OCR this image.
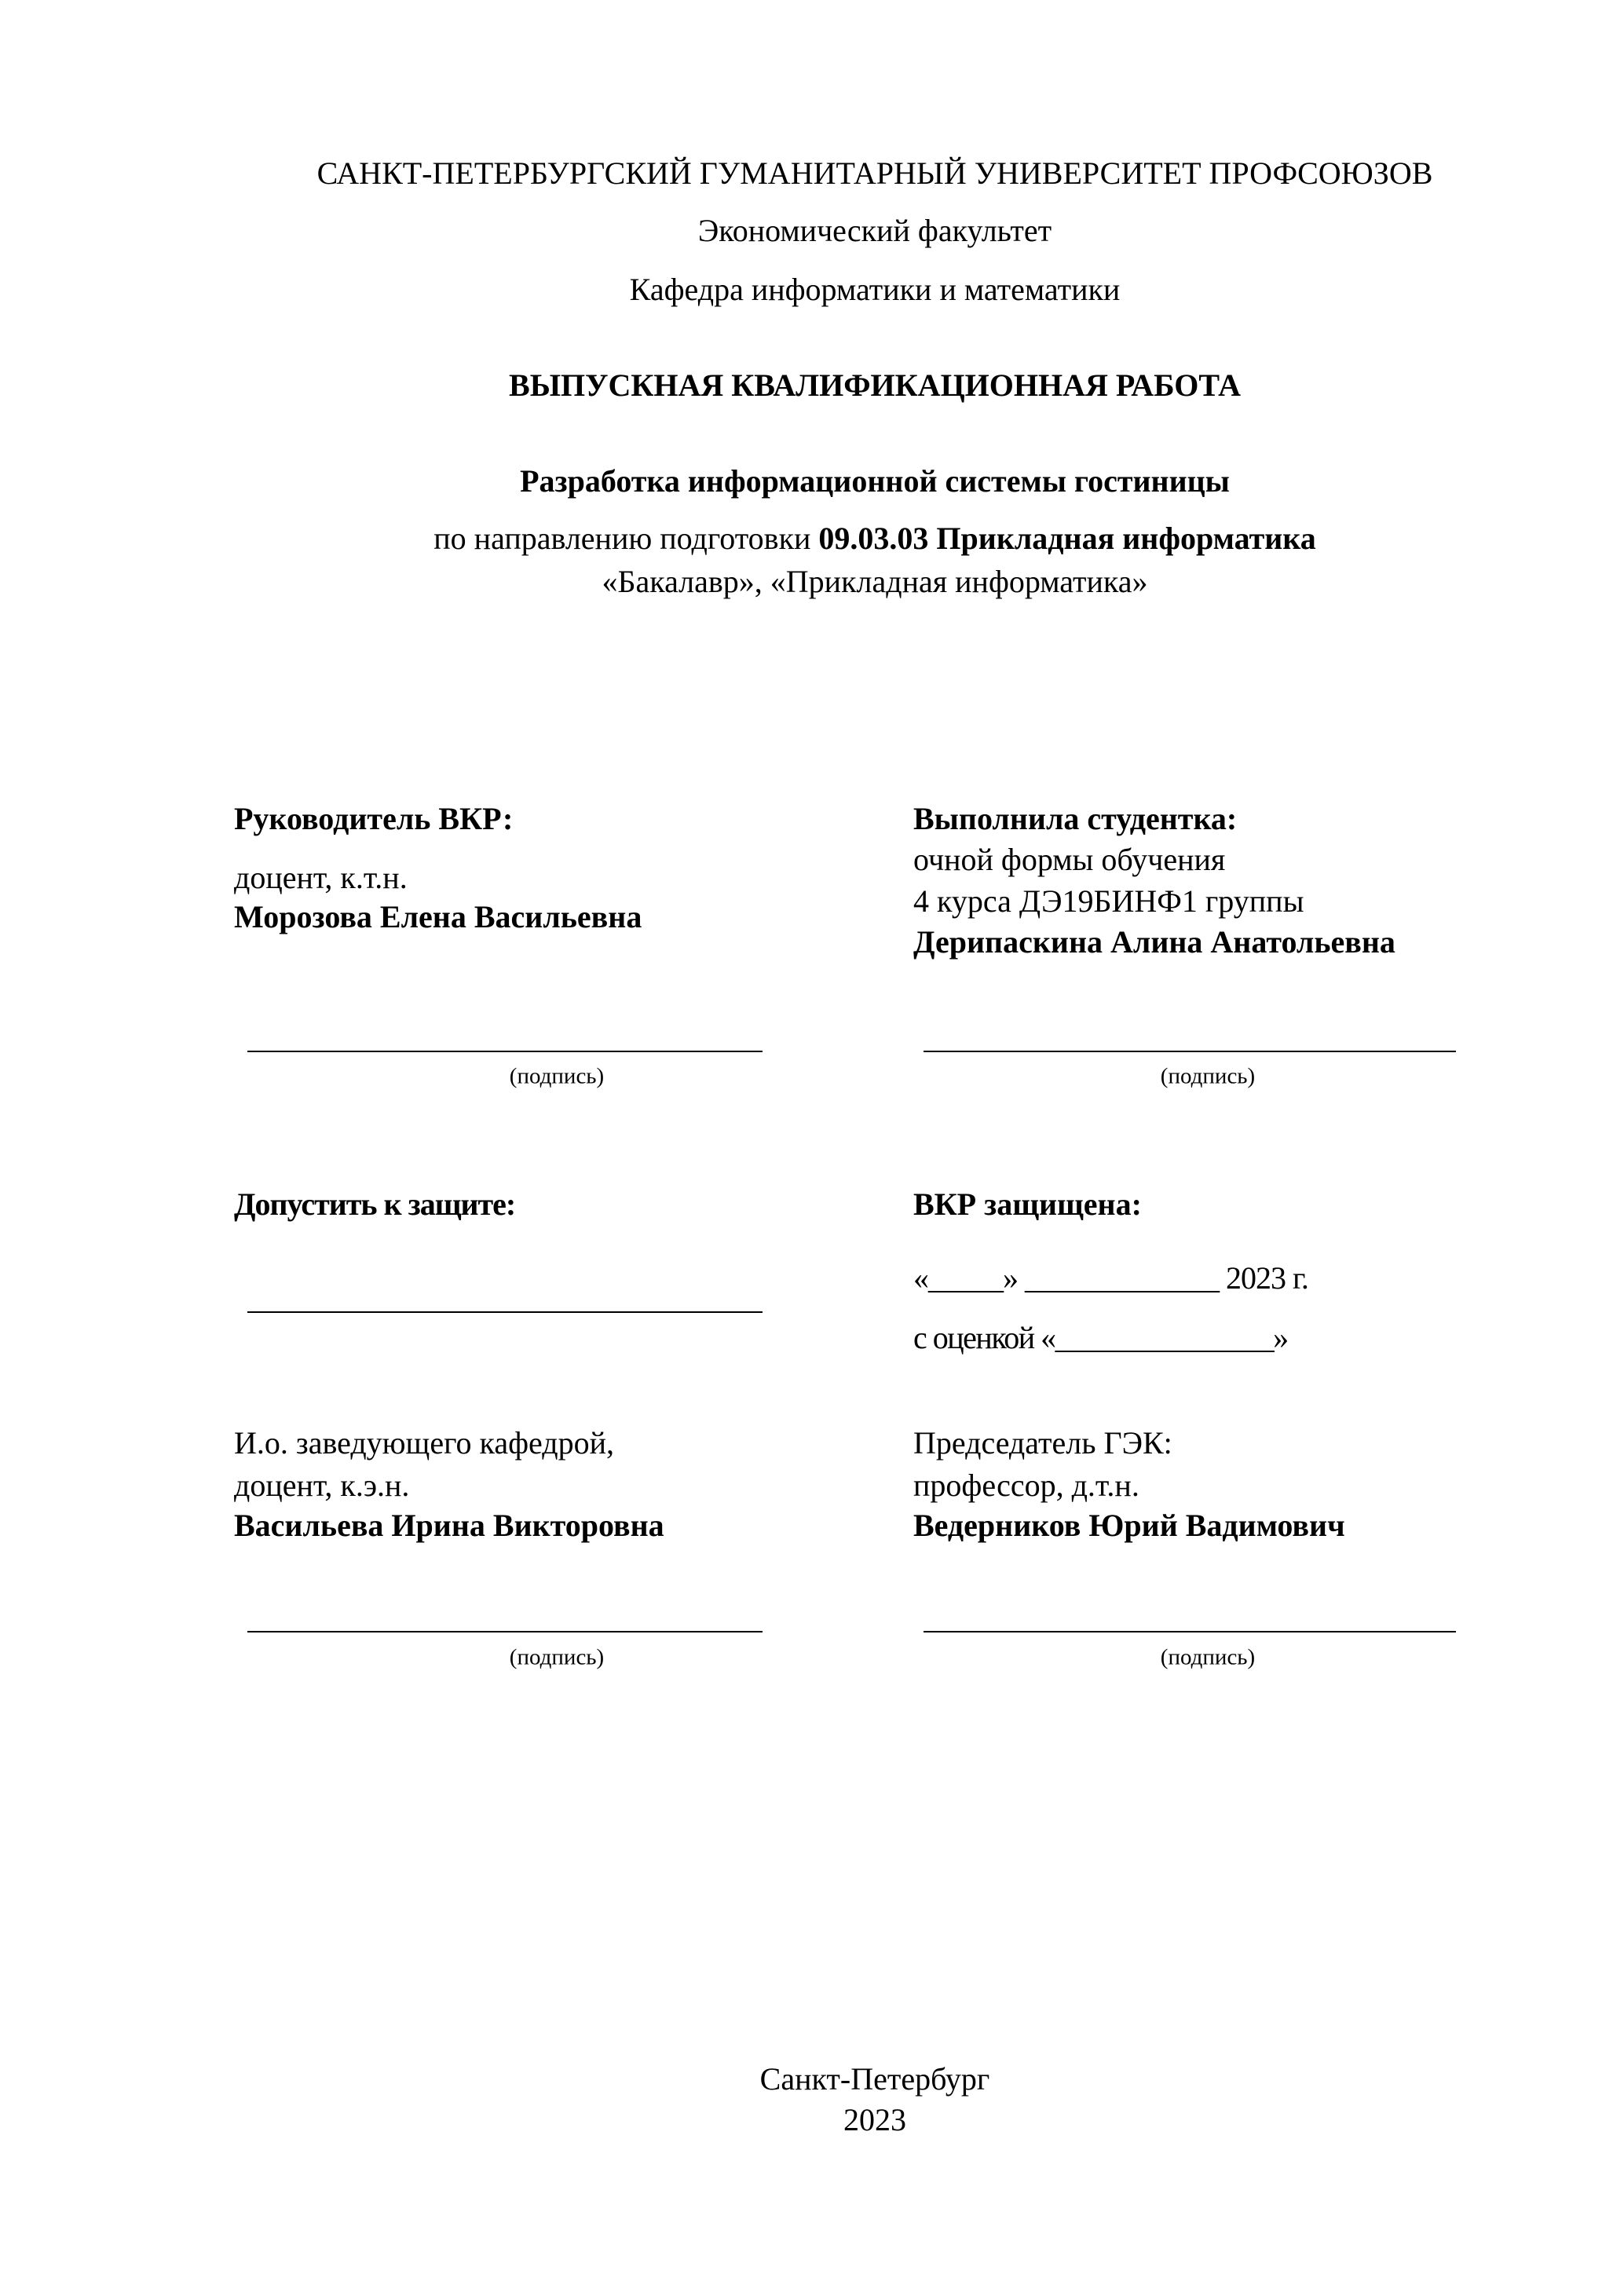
САНКТ-ПЕТЕРБУРГСКИЙ ГУМАНИТАРНЫЙ УНИВЕРСИТЕТ ПРОФСОЮЗОВ
Экономический факультет
Кафедра информатики и математики
ВЫПУСКНАЯ КВАЛИФИКАЦИОННАЯ РАБОТА
Разработка информационной системы гостиницы
по направлению подготовки 09.03.03 Прикладная информатика
«Бакалавр», «Прикладная информатика»
Руководитель ВКР:
доцент, к.т.н.
Морозова Елена Васильевна
(подпись)
Выполнила студентка:
очной формы обучения
4 курса ДЭ19БИНФ1 группы
Дерипаскина Алина Анатольевна
(подпись)
Допустить к защите:	ВКР защищена:
«_____» _____________ 2023 г.
с оценкой «_______________»
И.о. заведующего кафедрой,
доцент, к.э.н.
Васильева Ирина Викторовна
(подпись)
Председатель ГЭК:
профессор, д.т.н.
Ведерников Юрий Вадимович
(подпись)
Санкт-Петербург
2023
